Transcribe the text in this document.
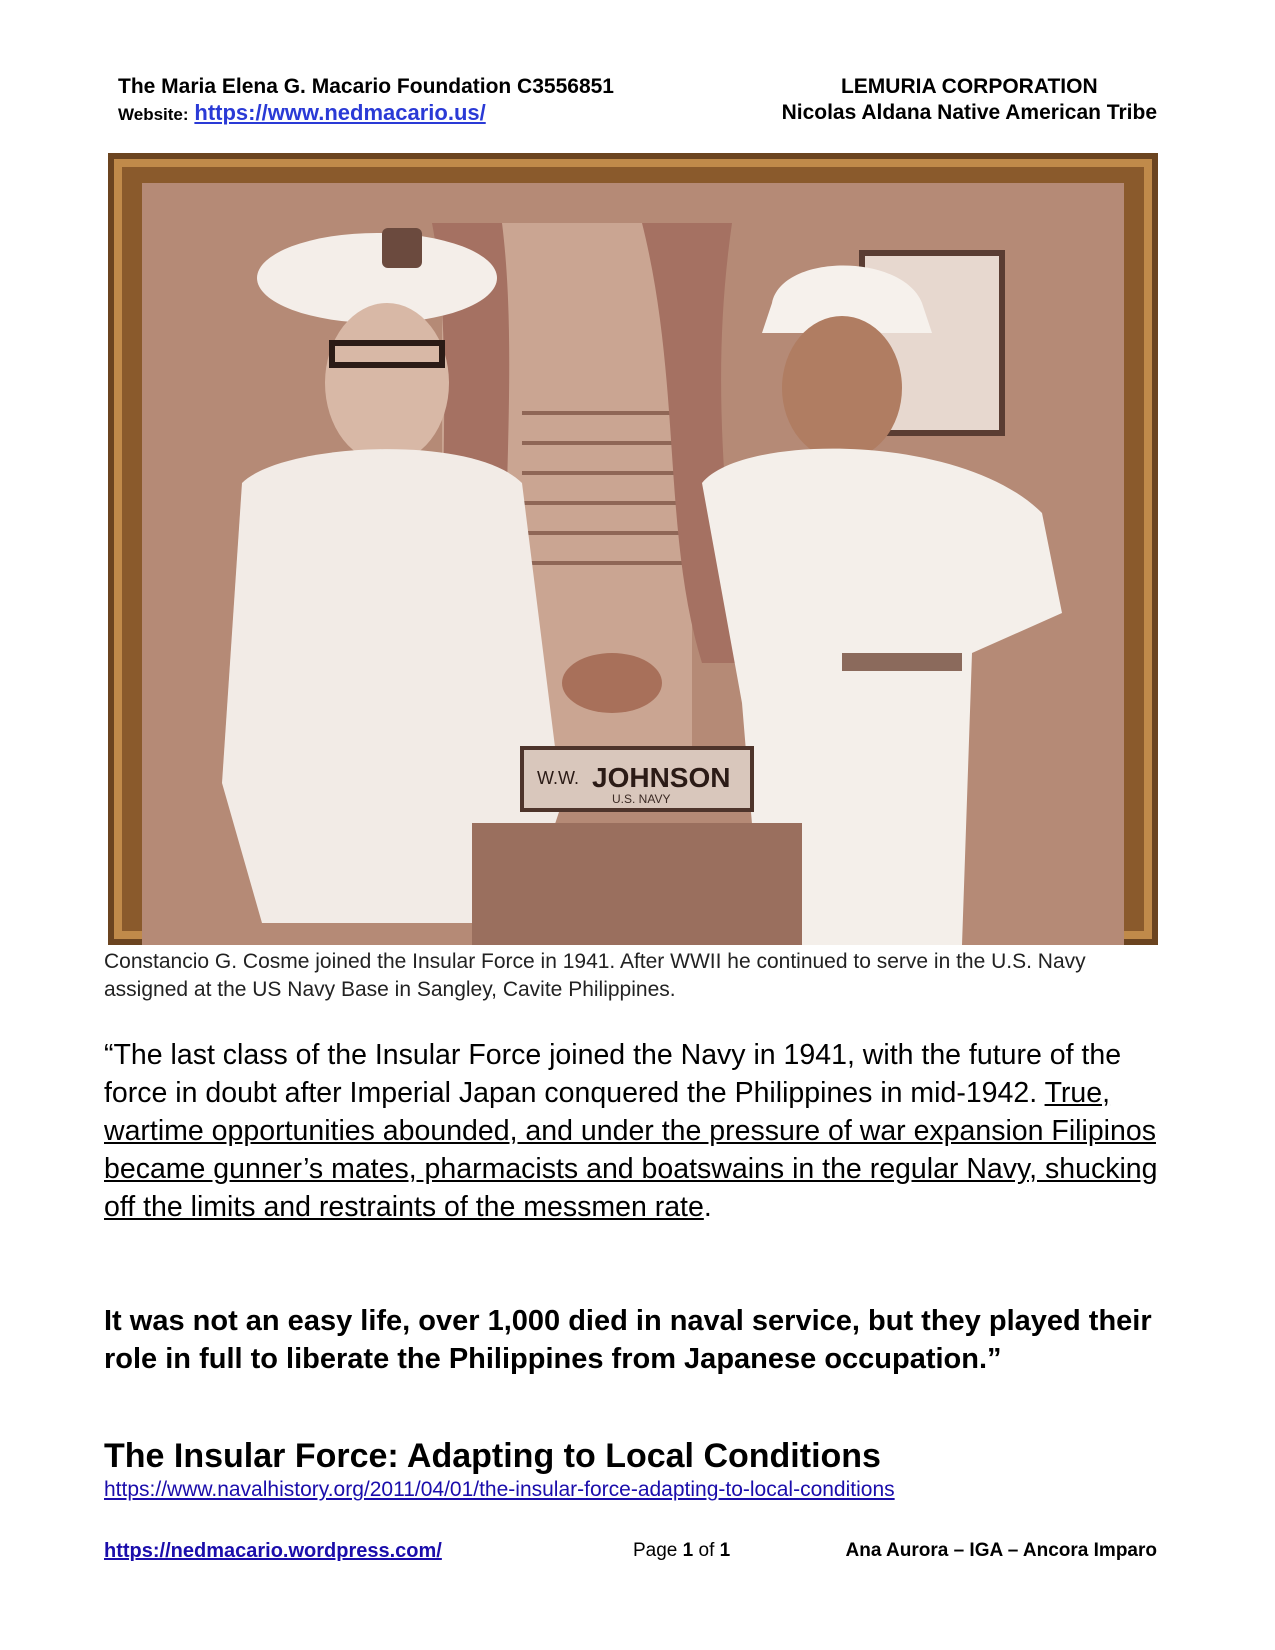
The Maria Elena G. Macario Foundation C3556851
Website: https://www.nedmacario.us/
LEMURIA CORPORATION
Nicolas Aldana Native American Tribe
W.W. JOHNSON
U.S. NAVY
Constancio G. Cosme joined the Insular Force in 1941. After WWII he continued to serve in the U.S. Navy assigned at the US Navy Base in Sangley, Cavite Philippines.
“The last class of the Insular Force joined the Navy in 1941, with the future of the force in doubt after Imperial Japan conquered the Philippines in mid-1942. True, wartime opportunities abounded, and under the pressure of war expansion Filipinos became gunner’s mates, pharmacists and boatswains in the regular Navy, shucking off the limits and restraints of the messmen rate.
It was not an easy life, over 1,000 died in naval service, but they played their role in full to liberate the Philippines from Japanese occupation.”
The Insular Force: Adapting to Local Conditions
https://www.navalhistory.org/2011/04/01/the-insular-force-adapting-to-local-conditions
https://nedmacario.wordpress.com/	Page 1 of 1	Ana Aurora – IGA – Ancora Imparo
